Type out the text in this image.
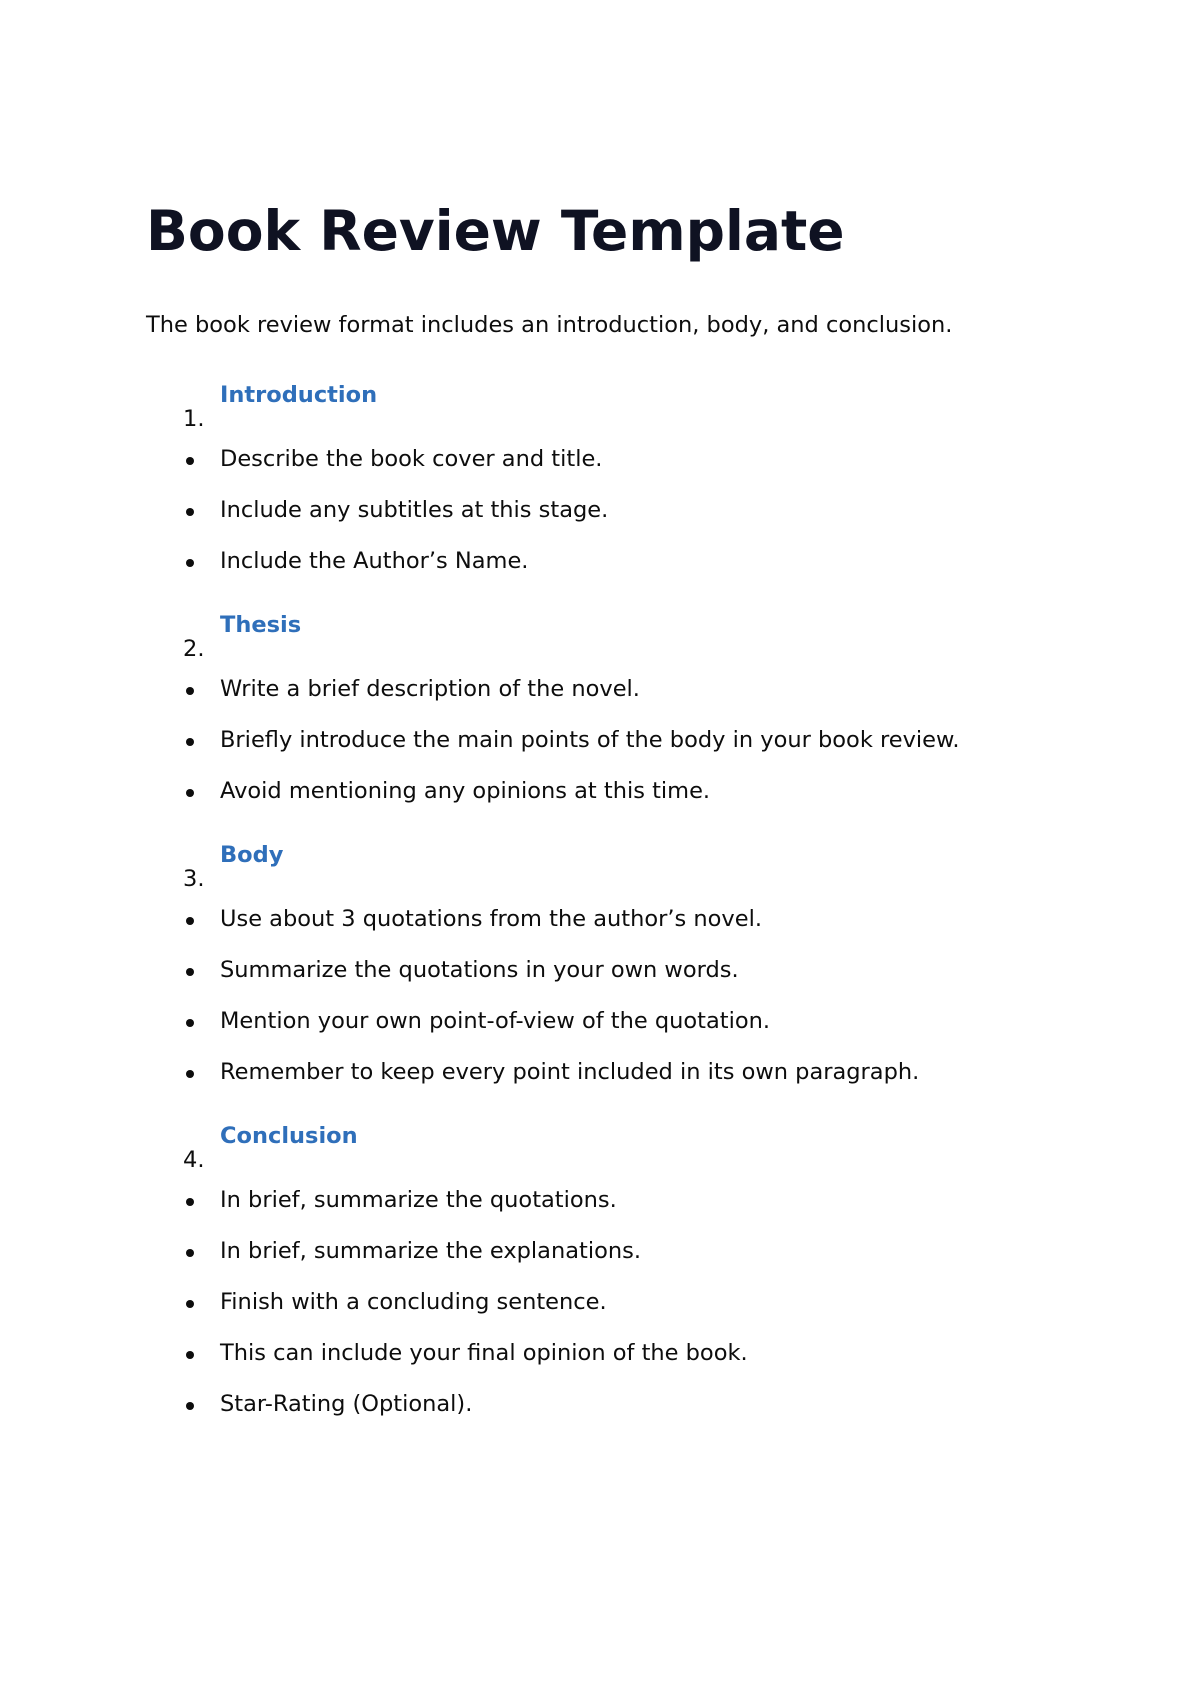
Book Review Template

The book review format includes an introduction, body, and conclusion.

1.
Introduction
Describe the book cover and title.
Include any subtitles at this stage.
Include the Author’s Name.
2.
Thesis
Write a brief description of the novel.
Briefly introduce the main points of the body in your book review.
Avoid mentioning any opinions at this time.
3.
Body
Use about 3 quotations from the author’s novel.
Summarize the quotations in your own words.
Mention your own point-of-view of the quotation.
Remember to keep every point included in its own paragraph.
4.
Conclusion
In brief, summarize the quotations.
In brief, summarize the explanations.
Finish with a concluding sentence.
This can include your final opinion of the book.
Star-Rating (Optional).
